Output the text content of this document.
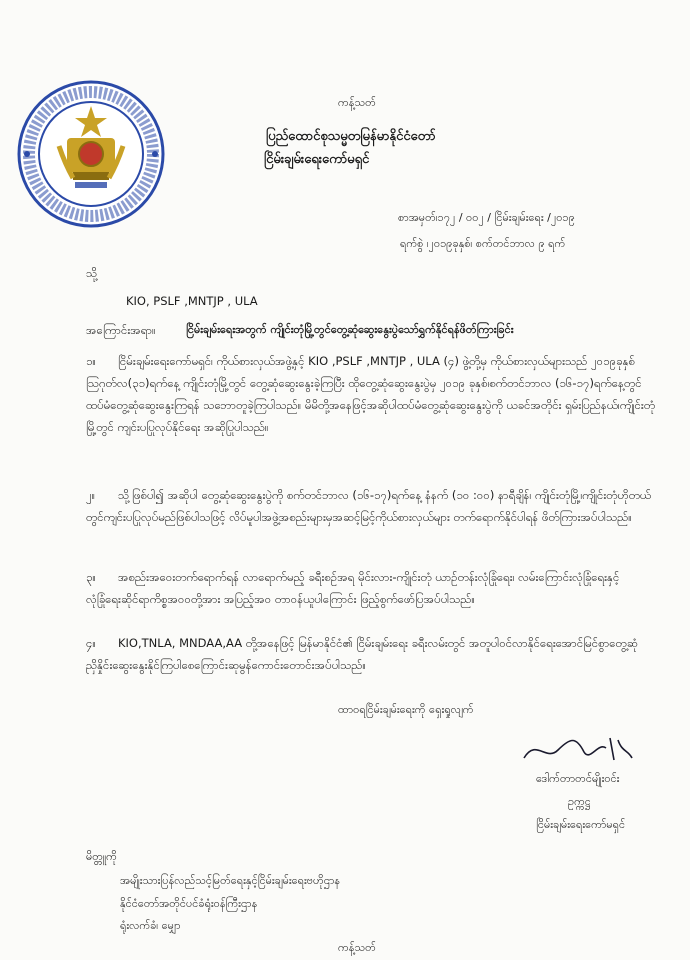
ကန့်သတ်
ပြည်ထောင်စုသမ္မတမြန်မာနိုင်ငံတော်
ငြိမ်းချမ်းရေးကော်မရှင်
စာအမှတ်၊၁၇၂ / ၀၀၂ / ငြိမ်းချမ်းရေး /၂၀၁၉
ရက်စွဲ ၊၂၀၁၉ခုနှစ်၊ စက်တင်ဘာလ ၉ ရက်
သို့
KIO, PSLF ,MNTJP , ULA
အကြောင်းအရာ။	ငြိမ်းချမ်းရေးအတွက် ကျိုင်းတုံမြို့တွင်တွေ့ဆုံဆွေးနွေးပွဲသော်ရွှက်နိုင်ရန်ဖိတ်ကြားခြင်း
၁။	ငြိမ်းချမ်းရေးကော်မရှင်၊ ကိုယ်စားလှယ်အဖွဲ့နှင့် KIO ,PSLF ,MNTJP , ULA (၄) ဖွဲ့တို့မှ ကိုယ်စားလှယ်များသည် ၂၀၁၉ခုနှစ်ဩဂုတ်လ(၃၁)ရက်နေ့ ကျိုင်းတုံမြို့တွင် တွေ့ဆုံဆွေးနွေးခဲ့ကြပြီး ထိုတွေ့ဆုံဆွေးနွေးပွဲမှ ၂၀၁၉ ခုနှစ်၊စက်တင်ဘာလ (၁၆-၁၇)ရက်နေ့တွင် ထပ်မံတွေ့ဆုံဆွေးနွေးကြရန် သဘောတူခဲ့ကြပါသည်။ မိမိတို့အနေဖြင့်အဆိုပါထပ်မံတွေ့ဆုံဆွေးနွေးပွဲကို ယခင်အတိုင်း ရှမ်းပြည်နယ်၊ကျိုင်းတုံမြို့တွင် ကျင်းပပြုလုပ်နိုင်ရေး အဆိုပြုပါသည်။
၂။	သို့ဖြစ်ပါ၍ အဆိုပါ တွေ့ဆုံဆွေးနွေးပွဲကို စက်တင်ဘာလ (၁၆-၁၇)ရက်နေ့ နံနက် (၁၀ :၀၀) နာရီချိန်၊ ကျိုင်းတုံမြို့၊ကျိုင်းတုံဟိုတယ်တွင်ကျင်းပပြုလုပ်မည်ဖြစ်ပါသဖြင့် လိပ်မူပါအဖွဲ့အစည်းများမှအဆင့်မြင့်ကိုယ်စားလှယ်များ တက်ရောက်နိုင်ပါရန် ဖိတ်ကြားအပ်ပါသည်။
၃။	အစည်းအဝေးတက်ရောက်ရန် လာရောက်မည့် ခရီးစဉ်အရ မိုင်းလား-ကျိုင်းတုံ ယာဉ်တန်းလုံခြုံရေး၊ လမ်းကြောင်းလုံခြုံရေးနှင့် လုံခြုံရေးဆိုင်ရာကိစ္စအဝဝတို့အား အပြည့်အဝ တာဝန်ယူပါကြောင်း ဖြည့်စွက်ဖော်ပြအပ်ပါသည်။
၄။	KIO,TNLA, MNDAA,AA တို့အနေဖြင့် မြန်မာနိုင်ငံ၏ ငြိမ်းချမ်းရေး ခရီးလမ်းတွင် အတူပါဝင်လာနိုင်ရေးအောင်မြင်စွာတွေ့ဆုံညှိနှိုင်းဆွေးနွေးနိုင်ကြပါစေကြောင်းဆုမွန်ကောင်းတောင်းအပ်ပါသည်။
ထာဝရငြိမ်းချမ်းရေးကို ရှေးရှုလျက်
ဒေါက်တာတင်မျိုးဝင်း
ဥက္ကဋ္ဌ
ငြိမ်းချမ်းရေးကော်မရှင်
မိတ္တူကို
အမျိုးသားပြန်လည်သင့်မြတ်ရေးနှင့်ငြိမ်းချမ်းရေးဗဟိုဌာန
နိုင်ငံတော်အတိုင်ပင်ခံရုံးဝန်ကြီးဌာန
ရုံးလက်ခံ၊ မျှော
ကန့်သတ်
